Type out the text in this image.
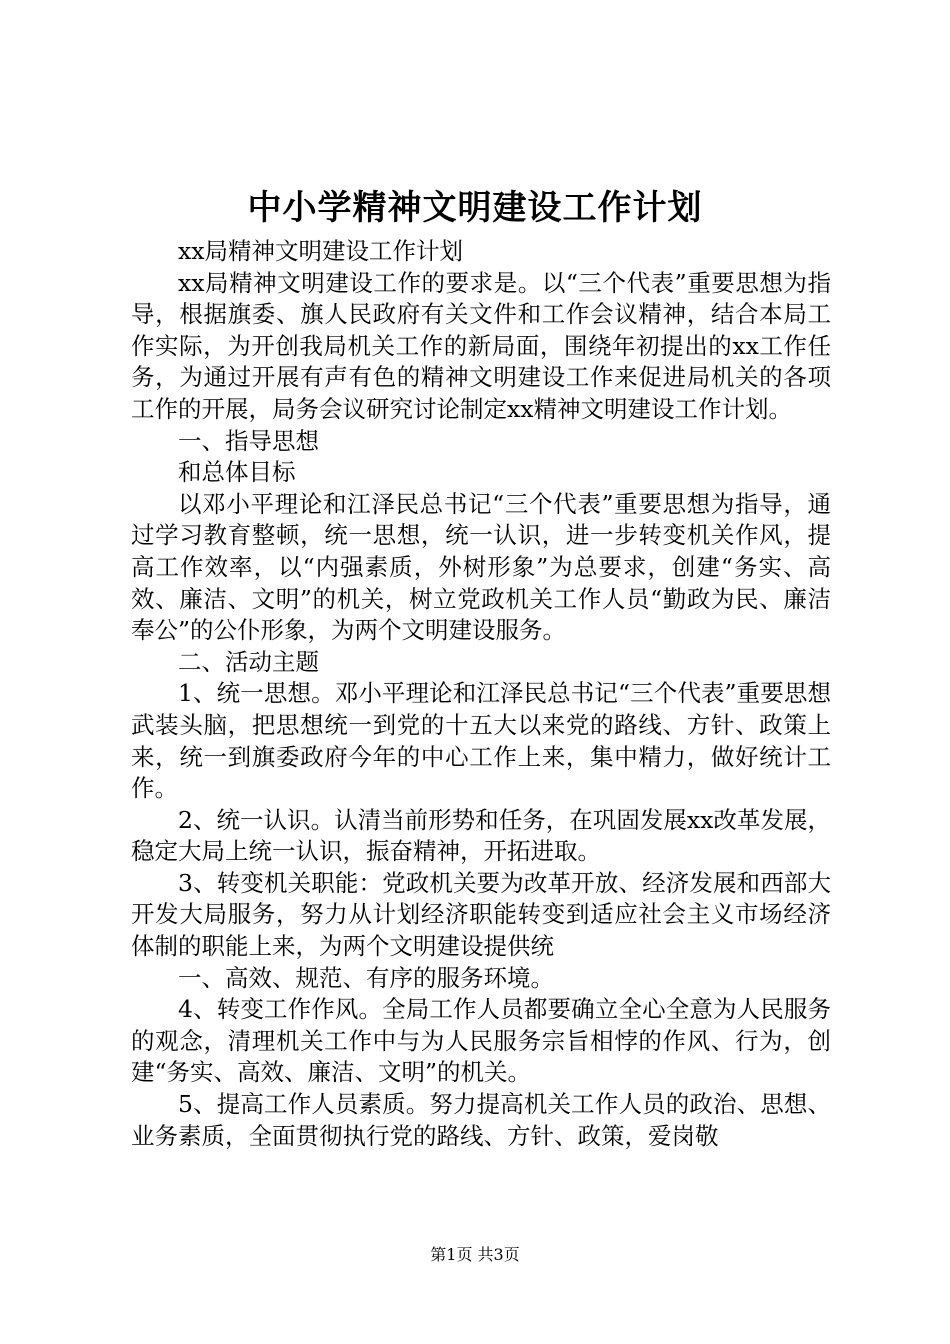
中小学精神文明建设工作计划

xx局精神文明建设工作计划

xx局精神文明建设工作的要求是。以“三个代表”重要思想为指导，根据旗委、旗人民政府有关文件和工作会议精神，结合本局工作实际，为开创我局机关工作的新局面，围绕年初提出的xx工作任务，为通过开展有声有色的精神文明建设工作来促进局机关的各项工作的开展，局务会议研究讨论制定xx精神文明建设工作计划。

一、指导思想

和总体目标

以邓小平理论和江泽民总书记“三个代表”重要思想为指导，通过学习教育整顿，统一思想，统一认识，进一步转变机关作风，提高工作效率，以“内强素质，外树形象”为总要求，创建“务实、高效、廉洁、文明”的机关，树立党政机关工作人员“勤政为民、廉洁奉公”的公仆形象，为两个文明建设服务。

二、活动主题

1、统一思想。邓小平理论和江泽民总书记“三个代表”重要思想武装头脑，把思想统一到党的十五大以来党的路线、方针、政策上来，统一到旗委政府今年的中心工作上来，集中精力，做好统计工作。

2、统一认识。认清当前形势和任务，在巩固发展xx改革发展，稳定大局上统一认识，振奋精神，开拓进取。

3、转变机关职能：党政机关要为改革开放、经济发展和西部大开发大局服务，努力从计划经济职能转变到适应社会主义市场经济体制的职能上来，为两个文明建设提供统

一、高效、规范、有序的服务环境。

4、转变工作作风。全局工作人员都要确立全心全意为人民服务的观念，清理机关工作中与为人民服务宗旨相悖的作风、行为，创建“务实、高效、廉洁、文明”的机关。

5、提高工作人员素质。努力提高机关工作人员的政治、思想、业务素质，全面贯彻执行党的路线、方针、政策，爱岗敬

第1页 共3页
